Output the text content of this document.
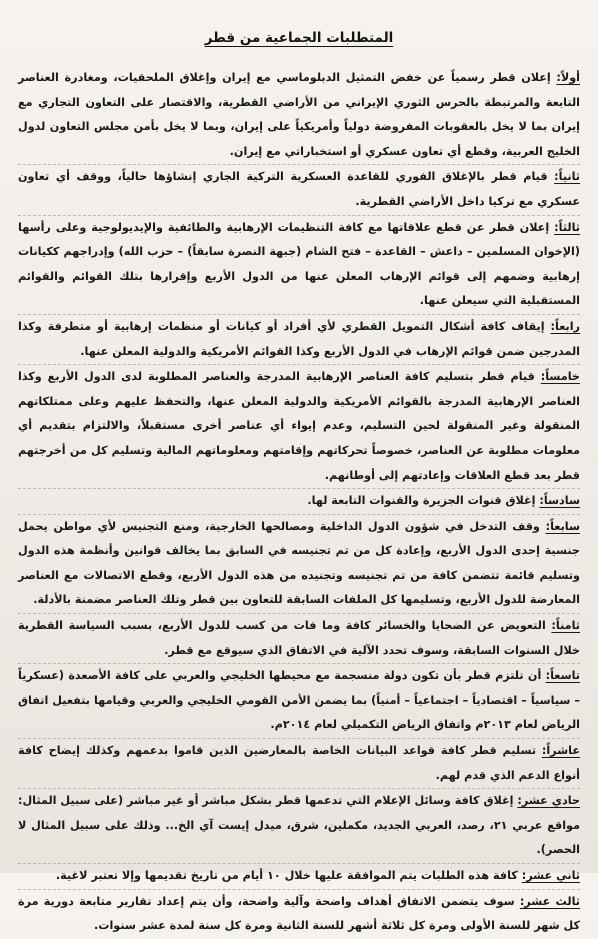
المتطلبات الجماعية من قطر

أولاً: إعلان قطر رسمياً عن خفض التمثيل الدبلوماسي مع إيران وإغلاق الملحقيات، ومغادرة العناصر التابعة والمرتبطة بالحرس الثوري الإيراني من الأراضي القطرية، والاقتصار على التعاون التجاري مع إيران بما لا يخل بالعقوبات المفروضة دولياً وأمريكياً على إيران، وبما لا يخل بأمن مجلس التعاون لدول الخليج العربية، وقطع أي تعاون عسكري أو استخباراتي مع إيران.

ثانياً: قيام قطر بالإغلاق الفوري للقاعدة العسكرية التركية الجاري إنشاؤها حالياً، ووقف أي تعاون عسكري مع تركيا داخل الأراضي القطرية.

ثالثاً: إعلان قطر عن قطع علاقاتها مع كافة التنظيمات الإرهابية والطائفية والإيديولوجية وعلى رأسها (الإخوان المسلمين – داعش – القاعدة – فتح الشام (جبهة النصرة سابقاً) – حزب الله) وإدراجهم ككيانات إرهابية وضمهم إلى قوائم الإرهاب المعلن عنها من الدول الأربع وإقرارها بتلك القوائم والقوائم المستقبلية التي سيعلن عنها.

رابعاً: إيقاف كافة أشكال التمويل القطري لأي أفراد أو كيانات أو منظمات إرهابية أو متطرفة وكذا المدرجين ضمن قوائم الإرهاب في الدول الأربع وكذا القوائم الأمريكية والدولية المعلن عنها.

خامساً: قيام قطر بتسليم كافة العناصر الإرهابية المدرجة والعناصر المطلوبة لدى الدول الأربع وكذا العناصر الإرهابية المدرجة بالقوائم الأمريكية والدولية المعلن عنها، والتحفظ عليهم وعلى ممتلكاتهم المنقولة وغير المنقولة لحين التسليم، وعدم إيواء أي عناصر أخرى مستقبلاً، والالتزام بتقديم أي معلومات مطلوبة عن العناصر، خصوصاً تحركاتهم وإقامتهم ومعلوماتهم المالية وتسليم كل من أخرجتهم قطر بعد قطع العلاقات وإعادتهم إلى أوطانهم.

سادساً: إغلاق قنوات الجزيرة والقنوات التابعة لها.

سابعاً: وقف التدخل في شؤون الدول الداخلية ومصالحها الخارجية، ومنع التجنيس لأي مواطن يحمل جنسية إحدى الدول الأربع، وإعادة كل من تم تجنيسه في السابق بما يخالف قوانين وأنظمة هذه الدول وتسليم قائمة تتضمن كافة من تم تجنيسه وتجنيده من هذه الدول الأربع، وقطع الاتصالات مع العناصر المعارضة للدول الأربع، وتسليمها كل الملفات السابقة للتعاون بين قطر وتلك العناصر مضمنة بالأدلة.

ثامناً: التعويض عن الضحايا والخسائر كافة وما فات من كسب للدول الأربع، بسبب السياسة القطرية خلال السنوات السابقة، وسوف تحدد الآلية في الاتفاق الذي سيوقع مع قطر.

تاسعاً: أن تلتزم قطر بأن تكون دولة منسجمة مع محيطها الخليجي والعربي على كافة الأصعدة (عسكرياً – سياسياً – اقتصادياً – اجتماعياً – أمنياً) بما يضمن الأمن القومي الخليجي والعربي وقيامها بتفعيل اتفاق الرياض لعام ٢٠١٣م واتفاق الرياض التكميلي لعام ٢٠١٤م.

عاشراً: تسليم قطر كافة قواعد البيانات الخاصة بالمعارضين الذين قاموا بدعمهم وكذلك إيضاح كافة أنواع الدعم الذي قدم لهم.

حادي عشر: إغلاق كافة وسائل الإعلام التي تدعمها قطر بشكل مباشر أو غير مباشر (على سبيل المثال: مواقع عربي ٢١، رصد، العربي الجديد، مكملين، شرق، ميدل إيست آي الخ... وذلك على سبيل المثال لا الحصر).

ثاني عشر: كافة هذه الطلبات يتم الموافقة عليها خلال ١٠ أيام من تاريخ تقديمها وإلا تعتبر لاغية.

ثالث عشر: سوف يتضمن الاتفاق أهداف واضحة وآلية واضحة، وأن يتم إعداد تقارير متابعة دورية مرة كل شهر للسنة الأولى ومرة كل ثلاثة أشهر للسنة الثانية ومرة كل سنة لمدة عشر سنوات.
